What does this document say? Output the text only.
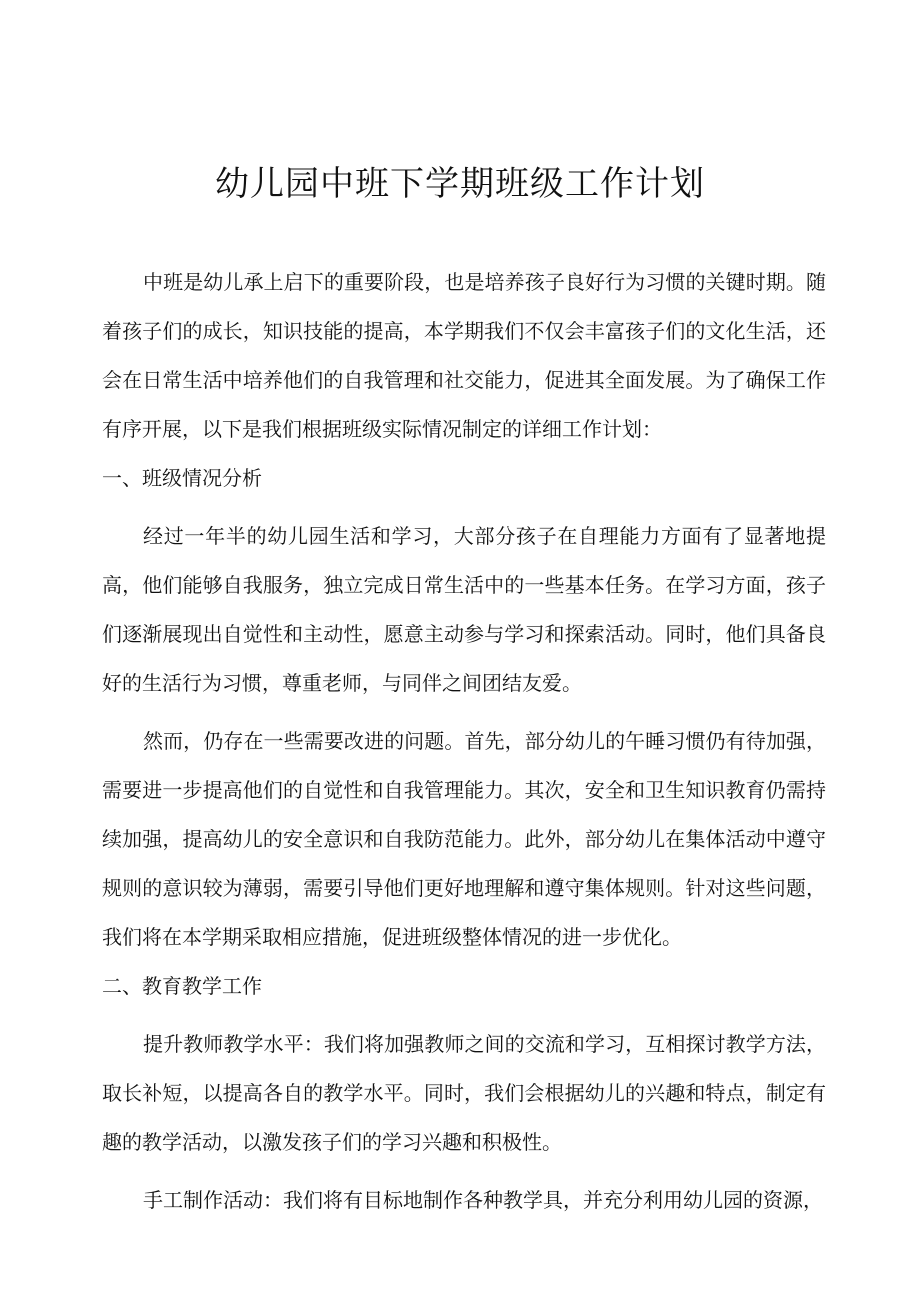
幼儿园中班下学期班级工作计划

中班是幼儿承上启下的重要阶段，也是培养孩子良好行为习惯的关键时期。随着孩子们的成长，知识技能的提高，本学期我们不仅会丰富孩子们的文化生活，还会在日常生活中培养他们的自我管理和社交能力，促进其全面发展。为了确保工作有序开展，以下是我们根据班级实际情况制定的详细工作计划：

一、班级情况分析

经过一年半的幼儿园生活和学习，大部分孩子在自理能力方面有了显著地提高，他们能够自我服务，独立完成日常生活中的一些基本任务。在学习方面，孩子们逐渐展现出自觉性和主动性，愿意主动参与学习和探索活动。同时，他们具备良好的生活行为习惯，尊重老师，与同伴之间团结友爱。

然而，仍存在一些需要改进的问题。首先，部分幼儿的午睡习惯仍有待加强，需要进一步提高他们的自觉性和自我管理能力。其次，安全和卫生知识教育仍需持续加强，提高幼儿的安全意识和自我防范能力。此外，部分幼儿在集体活动中遵守规则的意识较为薄弱，需要引导他们更好地理解和遵守集体规则。针对这些问题，我们将在本学期采取相应措施，促进班级整体情况的进一步优化。

二、教育教学工作

提升教师教学水平：我们将加强教师之间的交流和学习，互相探讨教学方法，取长补短，以提高各自的教学水平。同时，我们会根据幼儿的兴趣和特点，制定有趣的教学活动，以激发孩子们的学习兴趣和积极性。

手工制作活动：我们将有目标地制作各种教学具，并充分利用幼儿园的资源，
